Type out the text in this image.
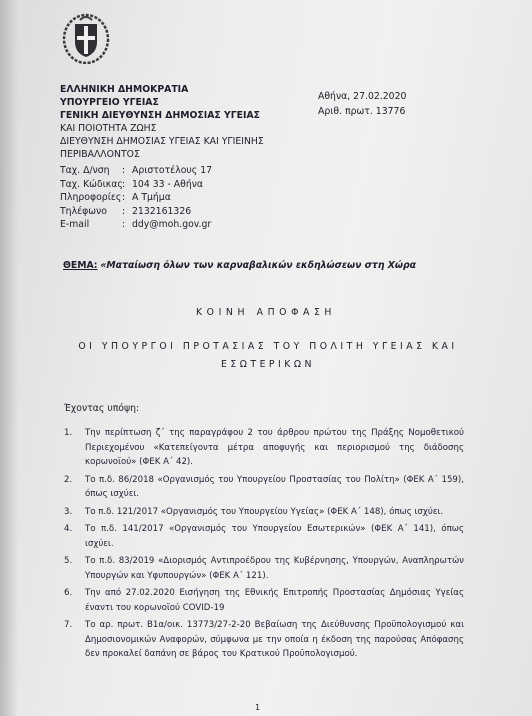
ΕΛΛΗΝΙΚΗ ΔΗΜΟΚΡΑΤΙΑ
ΥΠΟΥΡΓΕΙΟ ΥΓΕΙΑΣ
ΓΕΝΙΚΗ ΔΙΕΥΘΥΝΣΗ ΔΗΜΟΣΙΑΣ ΥΓΕΙΑΣ
ΚΑΙ ΠΟΙΟΤΗΤΑ ΖΩΗΣ
ΔΙΕΥΘΥΝΣΗ ΔΗΜΟΣΙΑΣ ΥΓΕΙΑΣ ΚΑΙ ΥΓΙΕΙΝΗΣ
ΠΕΡΙΒΑΛΛΟΝΤΟΣ
Ταχ. Δ/νση	: Αριστοτέλους 17
Ταχ. Κώδικας : 104 33 - Αθήνα
Πληροφορίες : Α Τμήμα
Τηλέφωνο	: 2132161326
E-mail	: ddy@moh.gov.gr
Αθήνα, 27.02.2020
Αριθ. πρωτ. 13776
ΘΕΜΑ: «Ματαίωση όλων των καρναβαλικών εκδηλώσεων στη Χώρα
ΚΟΙΝΗ ΑΠΟΦΑΣΗ
ΟΙ ΥΠΟΥΡΓΟΙ ΠΡΟΤΑΣΙΑΣ ΤΟΥ ΠΟΛΙΤΗ ΥΓΕΙΑΣ ΚΑΙ ΕΣΩΤΕΡΙΚΩΝ
Έχοντας υπόψη:
1.	Την περίπτωση ζ΄ της παραγράφου 2 του άρθρου πρώτου της Πράξης Νομοθετικού Περιεχομένου «Κατεπείγοντα μέτρα αποφυγής και περιορισμού της διάδοσης κορωνοϊού» (ΦΕΚ Α΄ 42).
2.	Το π.δ. 86/2018 «Οργανισμός του Υπουργείου Προστασίας του Πολίτη» (ΦΕΚ Α΄ 159), όπως ισχύει.
3.	Το π.δ. 121/2017 «Οργανισμός του Υπουργείου Υγείας» (ΦΕΚ Α΄ 148), όπως ισχύει.
4.	Το π.δ. 141/2017 «Οργανισμός του Υπουργείου Εσωτερικών» (ΦΕΚ Α΄ 141), όπως ισχύει.
5.	Το π.δ. 83/2019 «Διορισμός Αντιπροέδρου της Κυβέρνησης, Υπουργών, Αναπληρωτών Υπουργών και Υφυπουργών» (ΦΕΚ Α΄ 121).
6.	Την από 27.02.2020 Εισήγηση της Εθνικής Επιτροπής Προστασίας Δημόσιας Υγείας έναντι του κορωνοϊού COVID-19
7.	Το αρ. πρωτ. Β1α/οικ. 13773/27-2-20 Βεβαίωση της Διεύθυνσης Προϋπολογισμού και Δημοσιονομικών Αναφορών, σύμφωνα με την οποία η έκδοση της παρούσας Απόφασης δεν προκαλεί δαπάνη σε βάρος του Κρατικού Προϋπολογισμού.
1
